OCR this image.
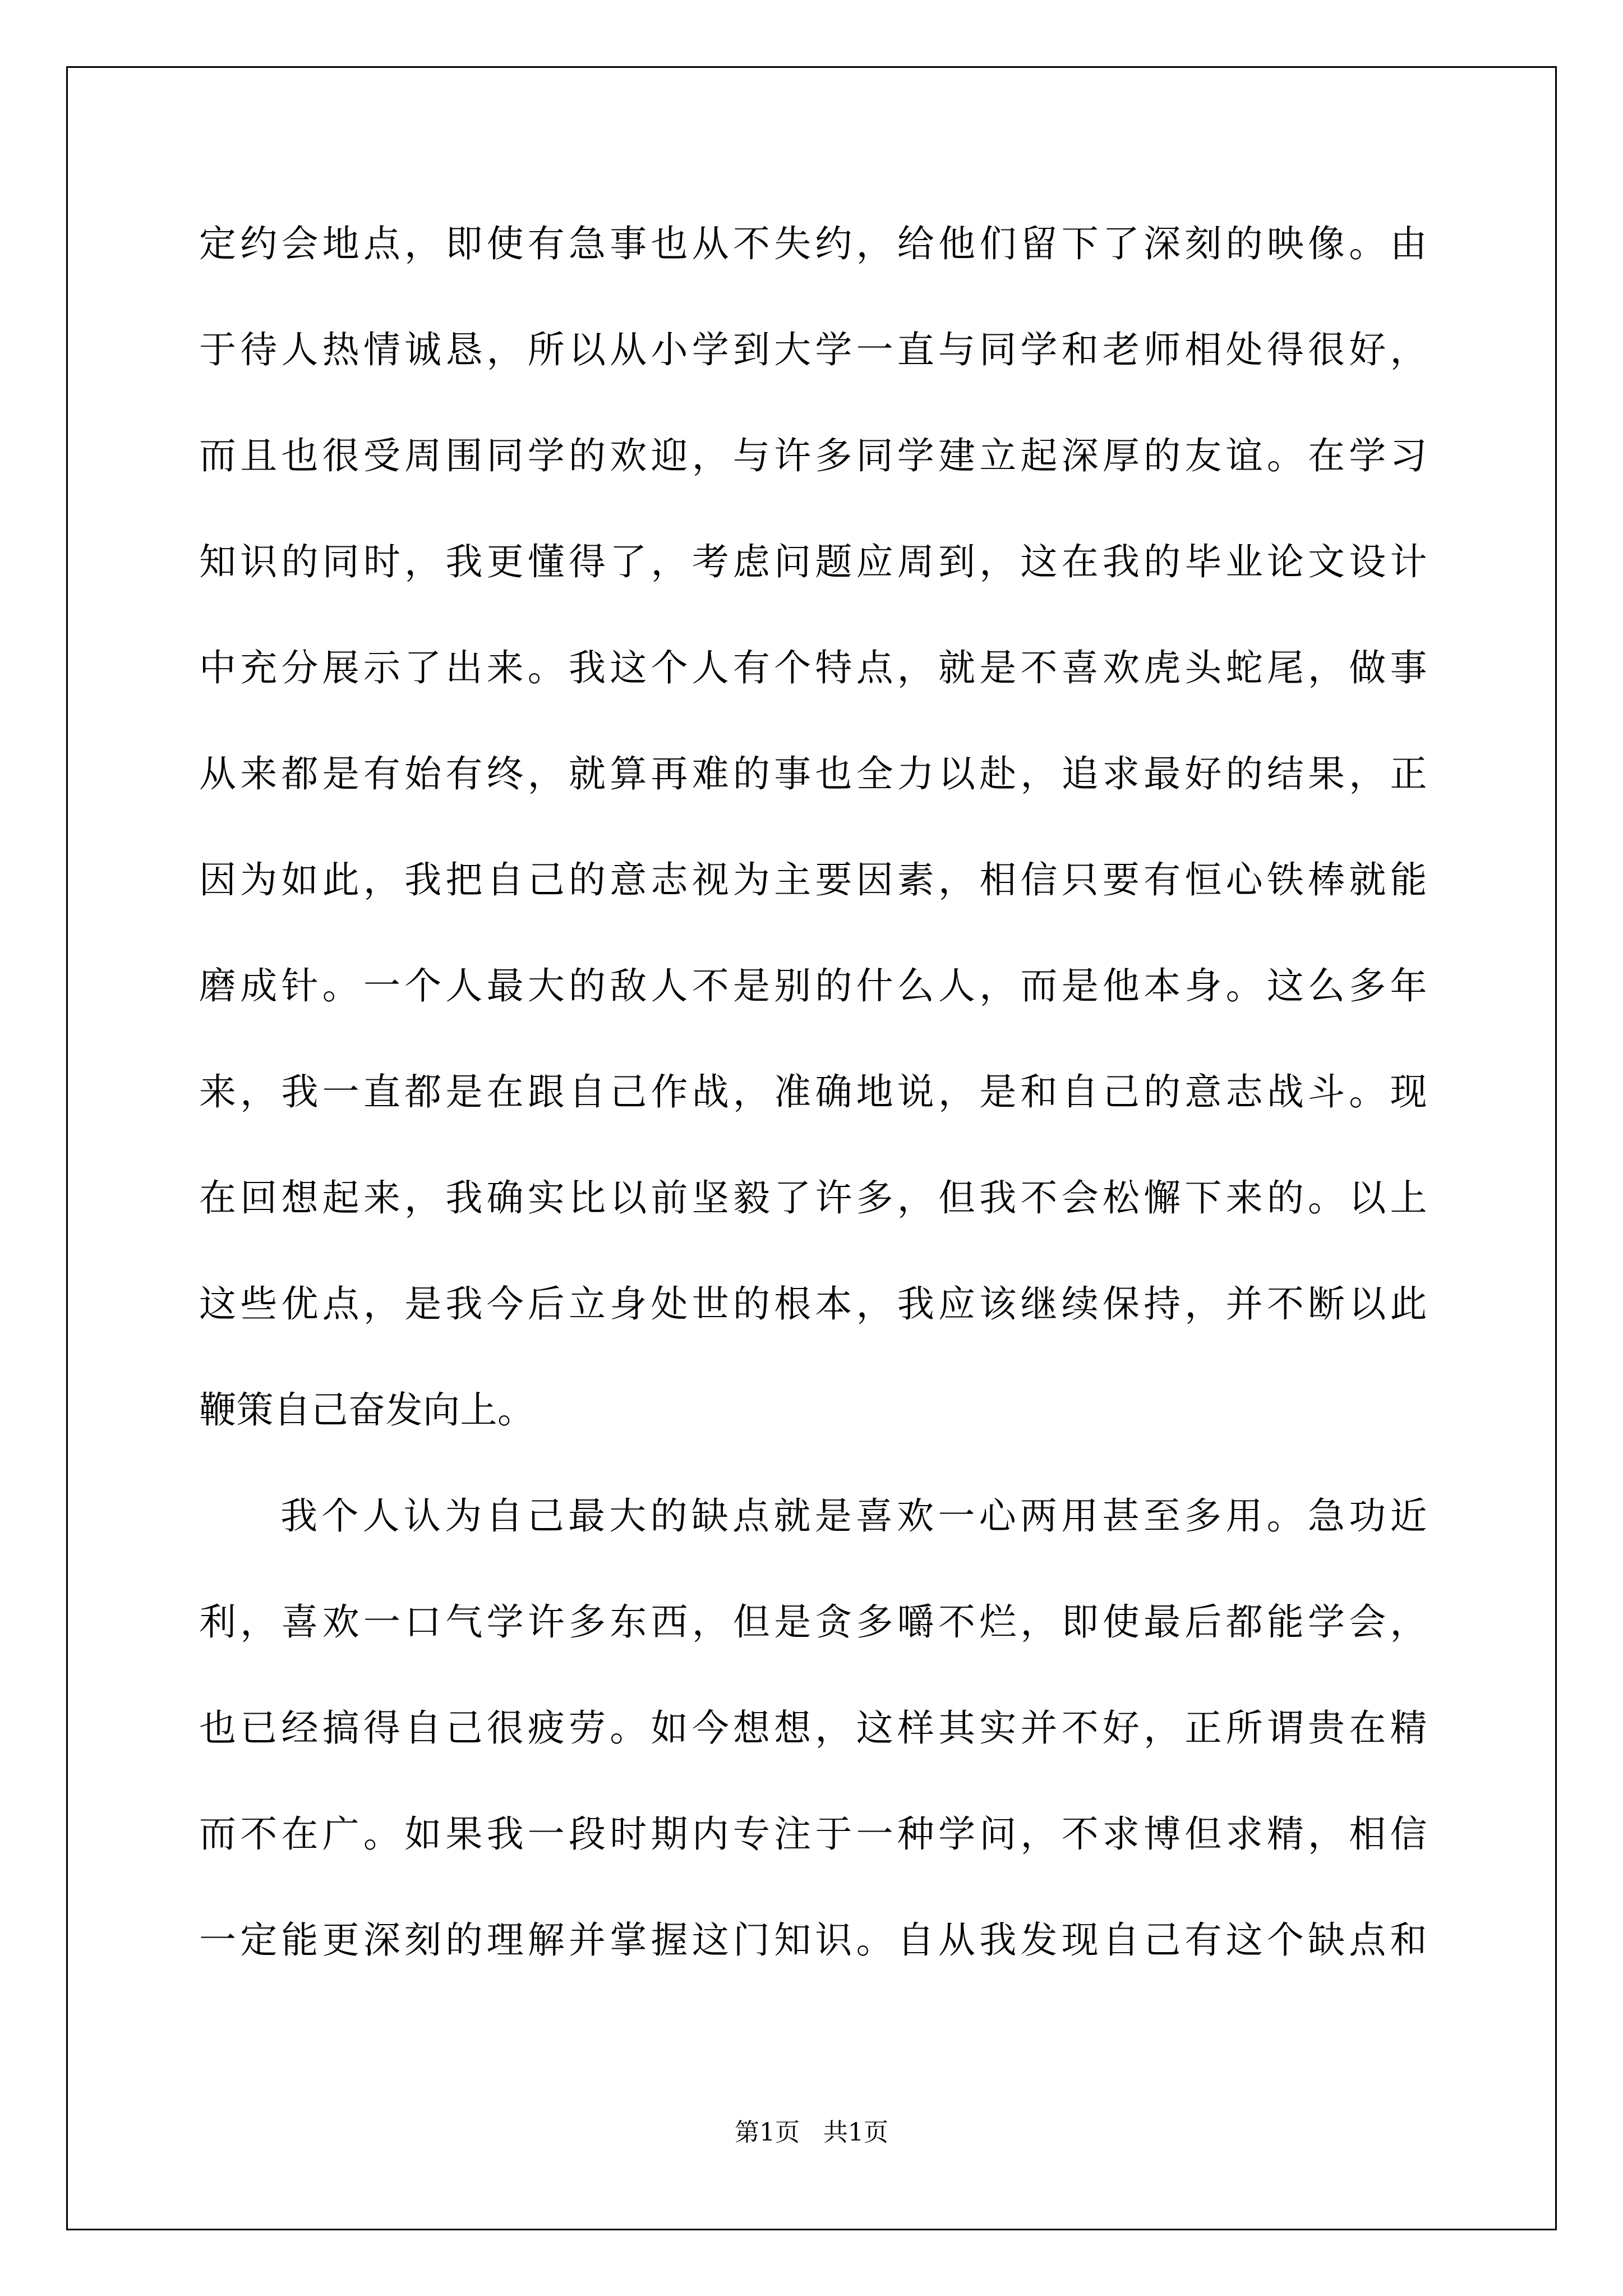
定约会地点，即使有急事也从不失约，给他们留下了深刻的映像。由
于待人热情诚恳，所以从小学到大学一直与同学和老师相处得很好，
而且也很受周围同学的欢迎，与许多同学建立起深厚的友谊。在学习
知识的同时，我更懂得了，考虑问题应周到，这在我的毕业论文设计
中充分展示了出来。我这个人有个特点，就是不喜欢虎头蛇尾，做事
从来都是有始有终，就算再难的事也全力以赴，追求最好的结果，正
因为如此，我把自己的意志视为主要因素，相信只要有恒心铁棒就能
磨成针。一个人最大的敌人不是别的什么人，而是他本身。这么多年
来，我一直都是在跟自己作战，准确地说，是和自己的意志战斗。现
在回想起来，我确实比以前坚毅了许多，但我不会松懈下来的。以上
这些优点，是我今后立身处世的根本，我应该继续保持，并不断以此
鞭策自己奋发向上。
我个人认为自己最大的缺点就是喜欢一心两用甚至多用。急功近
利，喜欢一口气学许多东西，但是贪多嚼不烂，即使最后都能学会，
也已经搞得自己很疲劳。如今想想，这样其实并不好，正所谓贵在精
而不在广。如果我一段时期内专注于一种学问，不求博但求精，相信
一定能更深刻的理解并掌握这门知识。自从我发现自己有这个缺点和
第1页 共1页
